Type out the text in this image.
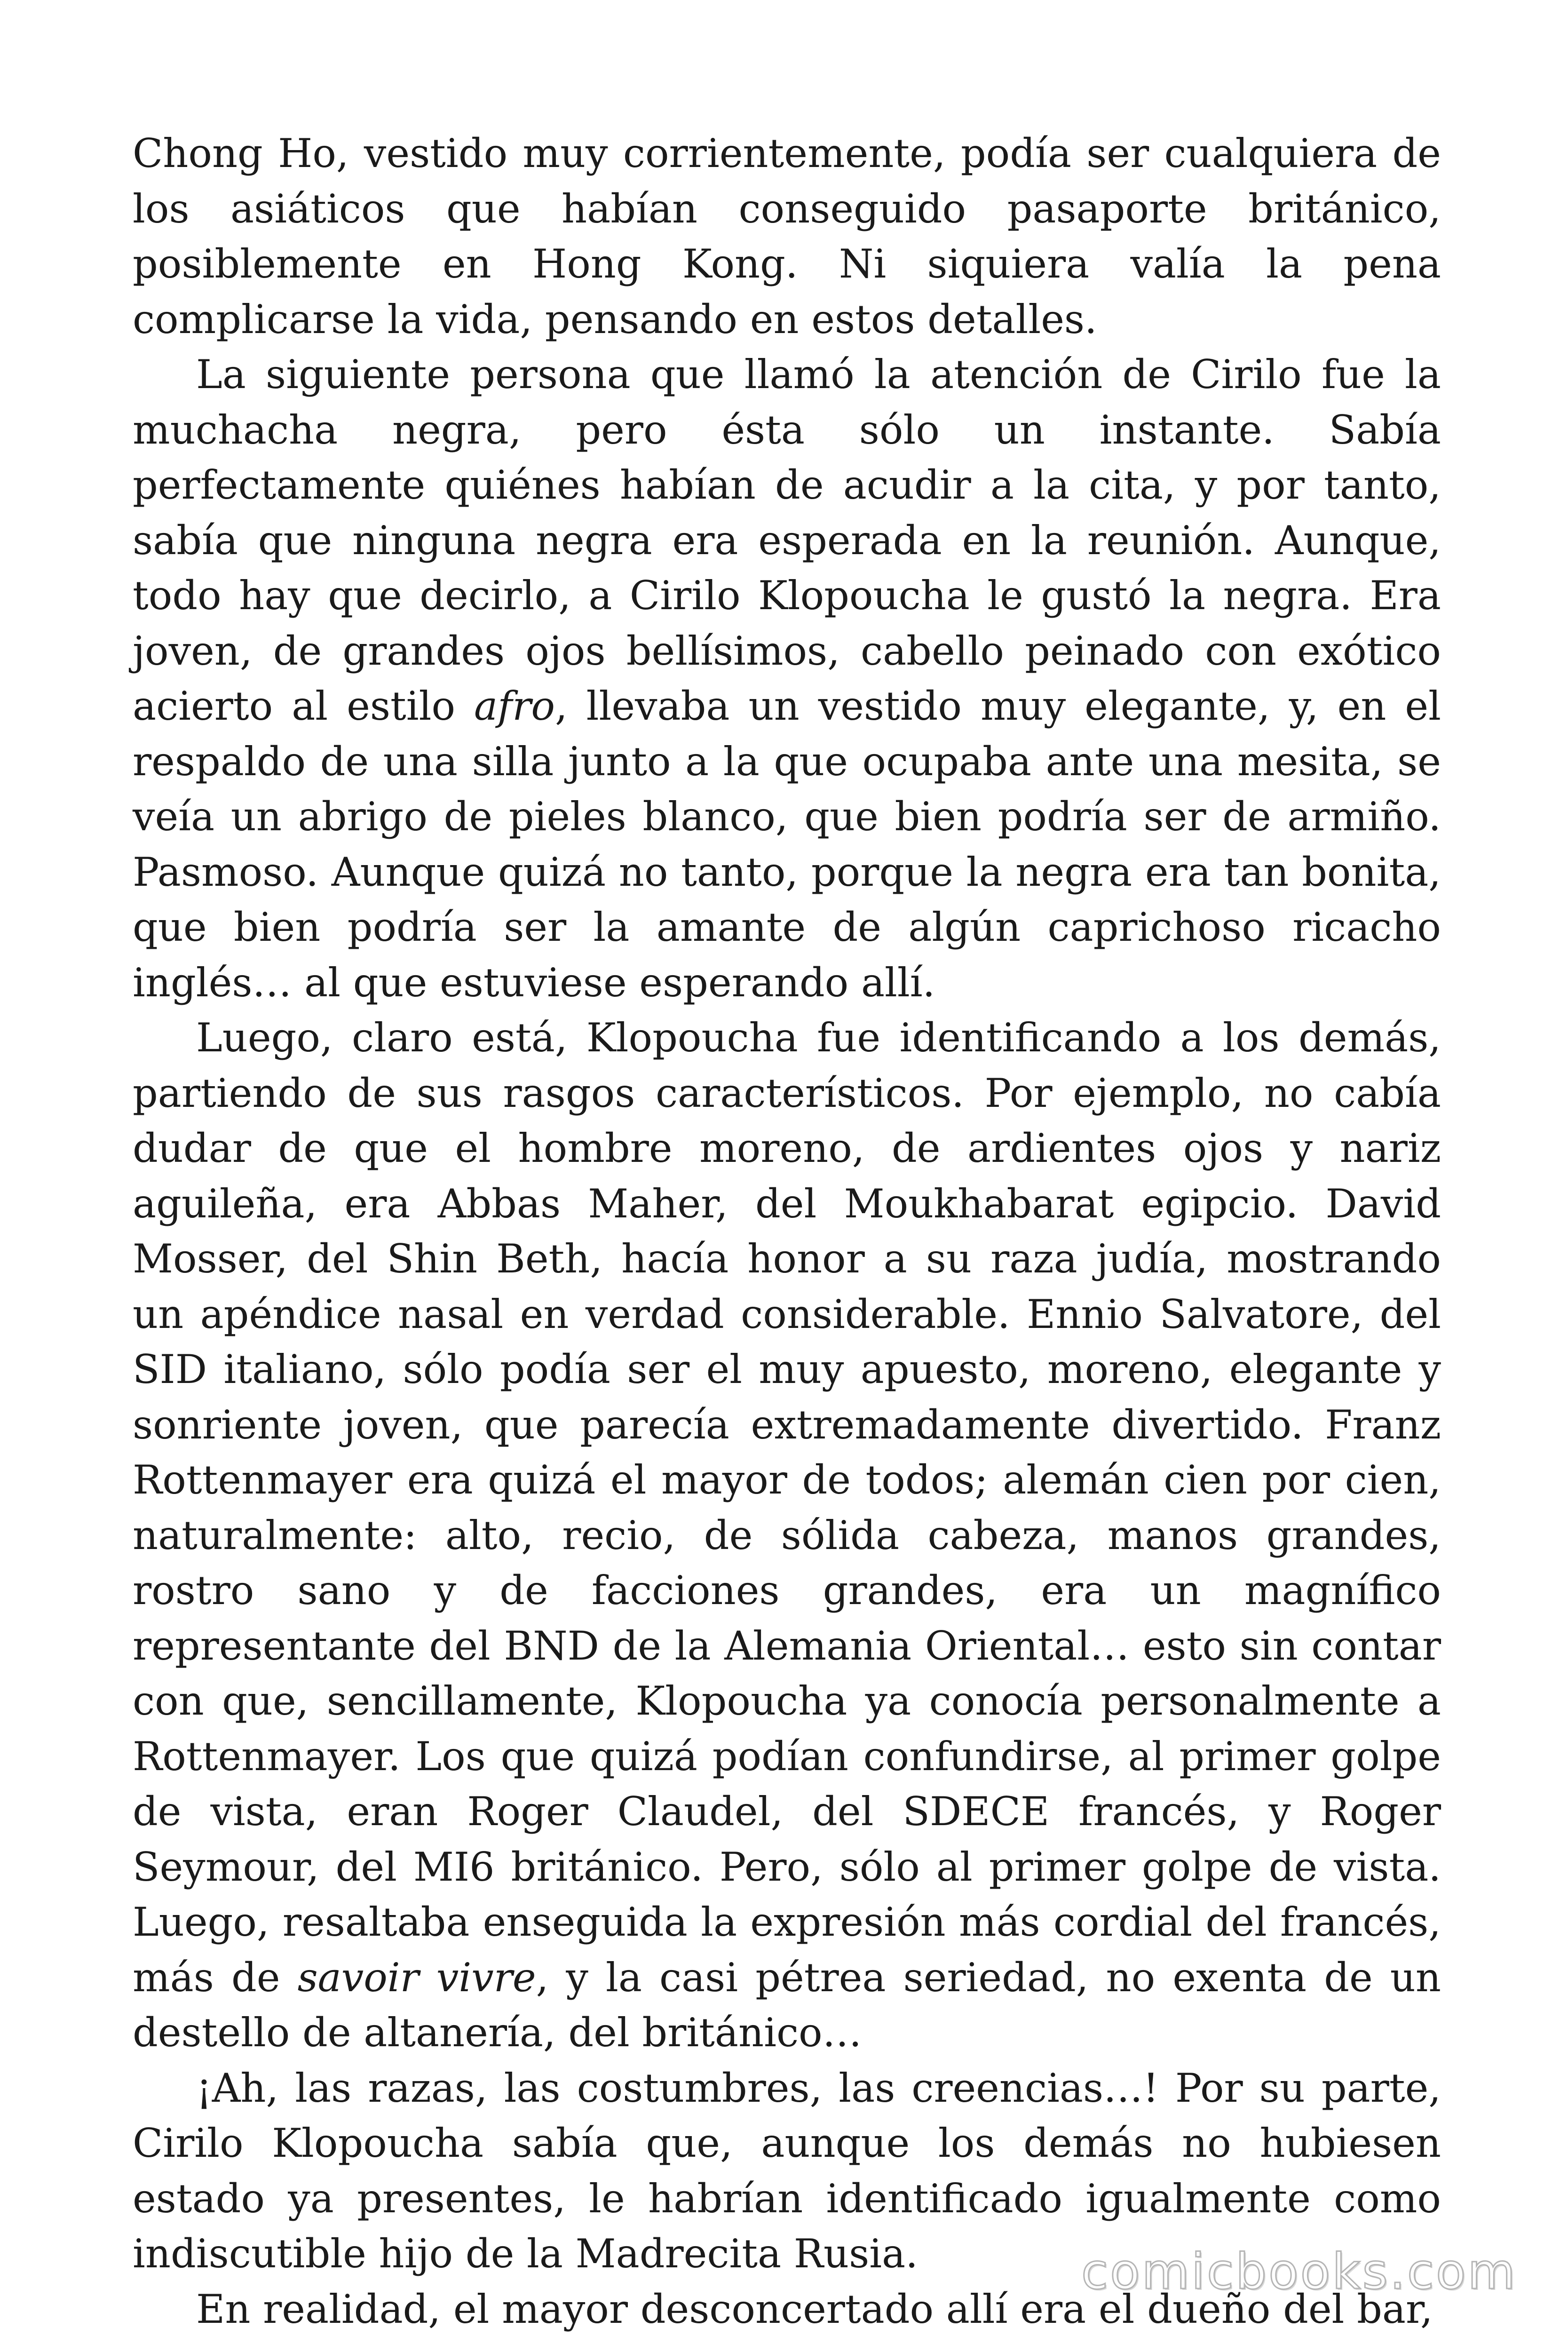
Chong Ho, vestido muy corrientemente, podía ser cualquiera de los asiáticos que habían conseguido pasaporte británico, posiblemente en Hong Kong. Ni siquiera valía la pena complicarse la vida, pensando en estos detalles.

La siguiente persona que llamó la atención de Cirilo fue la muchacha negra, pero ésta sólo un instante. Sabía perfectamente quiénes habían de acudir a la cita, y por tanto, sabía que ninguna negra era esperada en la reunión. Aunque, todo hay que decirlo, a Cirilo Klopoucha le gustó la negra. Era joven, de grandes ojos bellísimos, cabello peinado con exótico acierto al estilo afro, llevaba un vestido muy elegante, y, en el respaldo de una silla junto a la que ocupaba ante una mesita, se veía un abrigo de pieles blanco, que bien podría ser de armiño. Pasmoso. Aunque quizá no tanto, porque la negra era tan bonita, que bien podría ser la amante de algún caprichoso ricacho inglés… al que estuviese esperando allí.

Luego, claro está, Klopoucha fue identificando a los demás, partiendo de sus rasgos característicos. Por ejemplo, no cabía dudar de que el hombre moreno, de ardientes ojos y nariz aguileña, era Abbas Maher, del Moukhabarat egipcio. David Mosser, del Shin Beth, hacía honor a su raza judía, mostrando un apéndice nasal en verdad considerable. Ennio Salvatore, del SID italiano, sólo podía ser el muy apuesto, moreno, elegante y sonriente joven, que parecía extremadamente divertido. Franz Rottenmayer era quizá el mayor de todos; alemán cien por cien, naturalmente: alto, recio, de sólida cabeza, manos grandes, rostro sano y de facciones grandes, era un magnífico representante del BND de la Alemania Oriental… esto sin contar con que, sencillamente, Klopoucha ya conocía personalmente a Rottenmayer. Los que quizá podían confundirse, al primer golpe de vista, eran Roger Claudel, del SDECE francés, y Roger Seymour, del MI6 británico. Pero, sólo al primer golpe de vista. Luego, resaltaba enseguida la expresión más cordial del francés, más de savoir vivre, y la casi pétrea seriedad, no exenta de un destello de altanería, del británico…

¡Ah, las razas, las costumbres, las creencias…! Por su parte, Cirilo Klopoucha sabía que, aunque los demás no hubiesen estado ya presentes, le habrían identificado igualmente como indiscutible hijo de la Madrecita Rusia.

En realidad, el mayor desconcertado allí era el dueño del bar,

comicbooks.com
